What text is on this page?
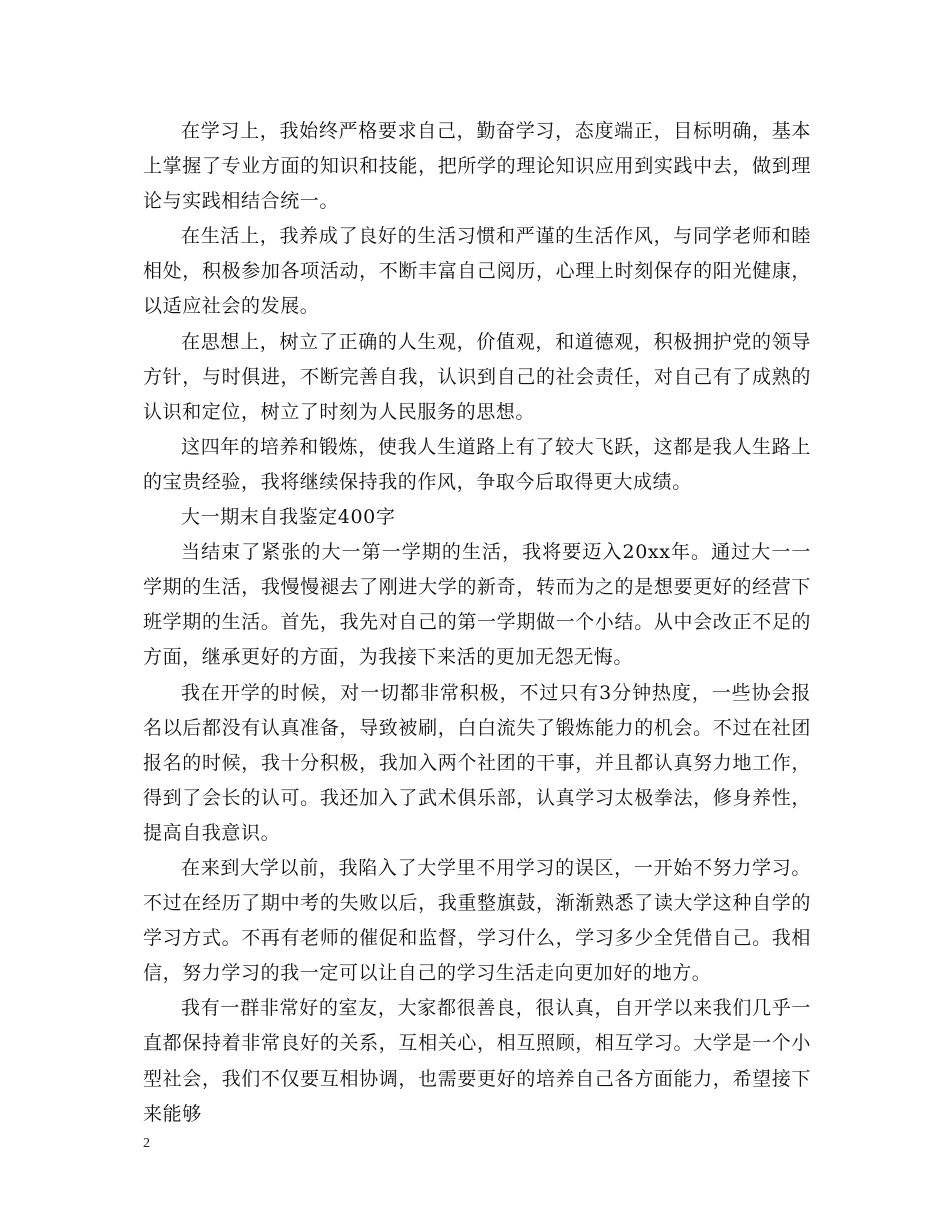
在学习上，我始终严格要求自己，勤奋学习，态度端正，目标明确，基本上掌握了专业方面的知识和技能，把所学的理论知识应用到实践中去，做到理论与实践相结合统一。

在生活上，我养成了良好的生活习惯和严谨的生活作风，与同学老师和睦相处，积极参加各项活动，不断丰富自己阅历，心理上时刻保存的阳光健康，以适应社会的发展。

在思想上，树立了正确的人生观，价值观，和道德观，积极拥护党的领导方针，与时俱进，不断完善自我，认识到自己的社会责任，对自己有了成熟的认识和定位，树立了时刻为人民服务的思想。

这四年的培养和锻炼，使我人生道路上有了较大飞跃，这都是我人生路上的宝贵经验，我将继续保持我的作风，争取今后取得更大成绩。

大一期末自我鉴定400字

当结束了紧张的大一第一学期的生活，我将要迈入20xx年。通过大一一学期的生活，我慢慢褪去了刚进大学的新奇，转而为之的是想要更好的经营下班学期的生活。首先，我先对自己的第一学期做一个小结。从中会改正不足的方面，继承更好的方面，为我接下来活的更加无怨无悔。

我在开学的时候，对一切都非常积极，不过只有3分钟热度，一些协会报名以后都没有认真准备，导致被刷，白白流失了锻炼能力的机会。不过在社团报名的时候，我十分积极，我加入两个社团的干事，并且都认真努力地工作，得到了会长的认可。我还加入了武术俱乐部，认真学习太极拳法，修身养性，提高自我意识。

在来到大学以前，我陷入了大学里不用学习的误区，一开始不努力学习。不过在经历了期中考的失败以后，我重整旗鼓，渐渐熟悉了读大学这种自学的学习方式。不再有老师的催促和监督，学习什么，学习多少全凭借自己。我相信，努力学习的我一定可以让自己的学习生活走向更加好的地方。

我有一群非常好的室友，大家都很善良，很认真，自开学以来我们几乎一直都保持着非常良好的关系，互相关心，相互照顾，相互学习。大学是一个小型社会，我们不仅要互相协调，也需要更好的培养自己各方面能力，希望接下来能够

2
